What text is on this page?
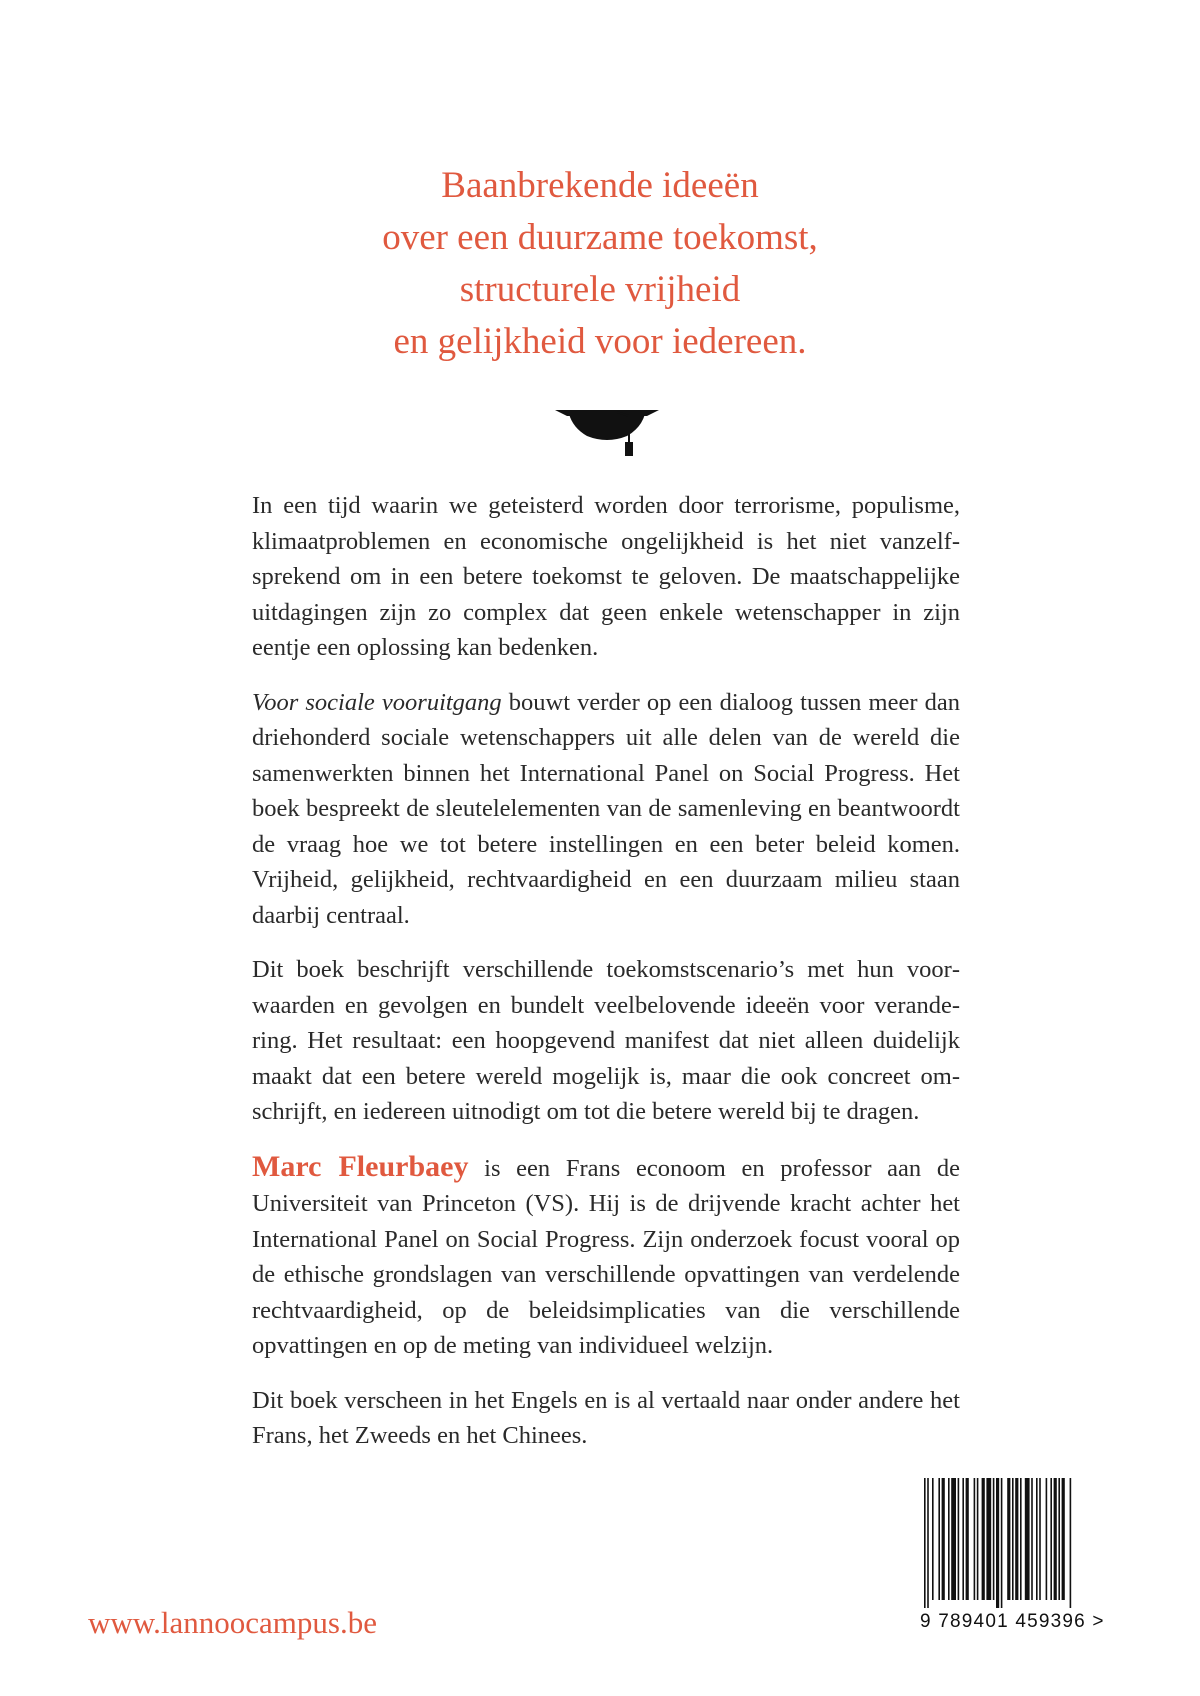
Baanbrekende ideeën
over een duurzame toekomst,
structurele vrijheid
en gelijkheid voor iedereen.

In een tijd waarin we geteisterd worden door terrorisme, populisme, klimaatproblemen en economische ongelijkheid is het niet vanzelfsprekend om in een betere toekomst te geloven. De maatschappelijke uitdagingen zijn zo complex dat geen enkele wetenschapper in zijn eentje een oplossing kan bedenken.

Voor sociale vooruitgang bouwt verder op een dialoog tussen meer dan driehonderd sociale wetenschappers uit alle delen van de wereld die samenwerkten binnen het International Panel on Social Progress. Het boek bespreekt de sleutelelementen van de samenleving en beantwoordt de vraag hoe we tot betere instellingen en een beter beleid komen. Vrijheid, gelijkheid, rechtvaardigheid en een duurzaam milieu staan daarbij centraal.

Dit boek beschrijft verschillende toekomstscenario’s met hun voorwaarden en gevolgen en bundelt veelbelovende ideeën voor verandering. Het resultaat: een hoopgevend manifest dat niet alleen duidelijk maakt dat een betere wereld mogelijk is, maar die ook concreet omschrijft, en iedereen uitnodigt om tot die betere wereld bij te dragen.

Marc Fleurbaey is een Frans econoom en professor aan de Universiteit van Princeton (VS). Hij is de drijvende kracht achter het International Panel on Social Progress. Zijn onderzoek focust vooral op de ethische grondslagen van verschillende opvattingen van verdelende rechtvaardigheid, op de beleidsimplicaties van die verschillende opvattingen en op de meting van individueel welzijn.

Dit boek verscheen in het Engels en is al vertaald naar onder andere het Frans, het Zweeds en het Chinees.

www.lannoocampus.be	9 789401 459396 >
